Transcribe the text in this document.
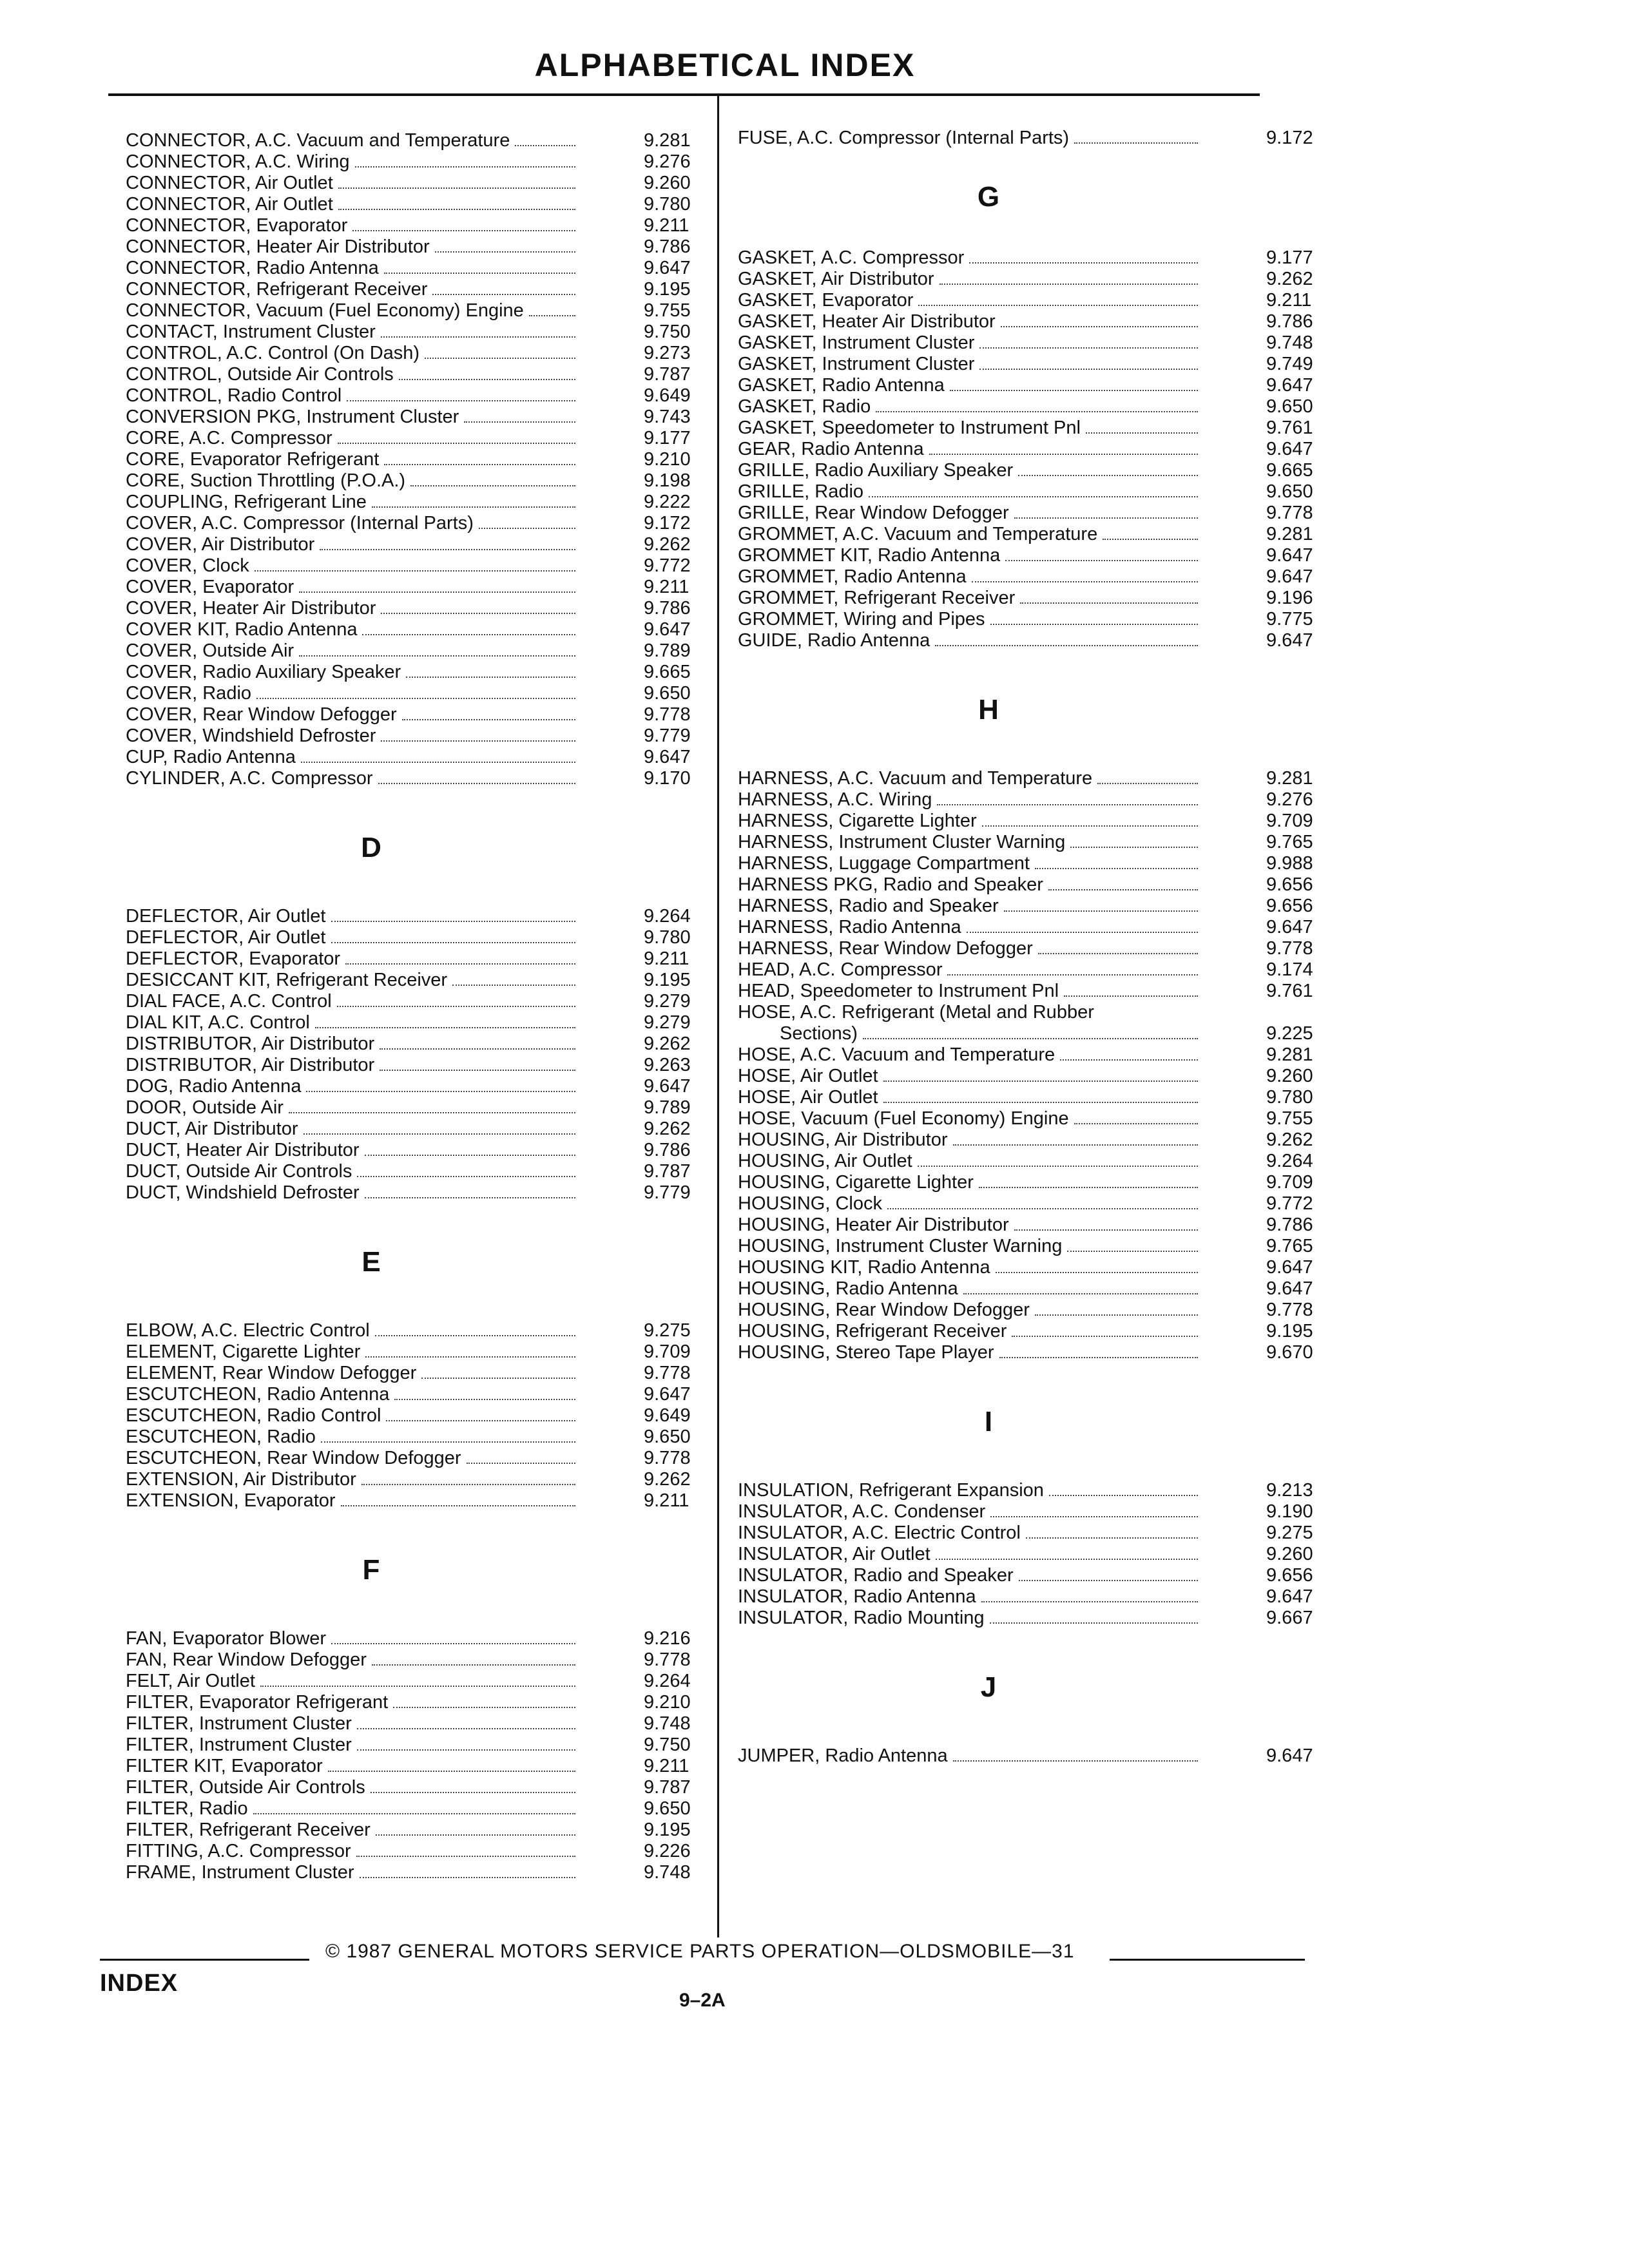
ALPHABETICAL INDEX
CONNECTOR, A.C. Vacuum and Temperature	9.281
CONNECTOR, A.C. Wiring	9.276
CONNECTOR, Air Outlet	9.260
CONNECTOR, Air Outlet	9.780
CONNECTOR, Evaporator	9.211
CONNECTOR, Heater Air Distributor	9.786
CONNECTOR, Radio Antenna	9.647
CONNECTOR, Refrigerant Receiver	9.195
CONNECTOR, Vacuum (Fuel Economy) Engine	9.755
CONTACT, Instrument Cluster	9.750
CONTROL, A.C. Control (On Dash)	9.273
CONTROL, Outside Air Controls	9.787
CONTROL, Radio Control	9.649
CONVERSION PKG, Instrument Cluster	9.743
CORE, A.C. Compressor	9.177
CORE, Evaporator Refrigerant	9.210
CORE, Suction Throttling (P.O.A.)	9.198
COUPLING, Refrigerant Line	9.222
COVER, A.C. Compressor (Internal Parts)	9.172
COVER, Air Distributor	9.262
COVER, Clock	9.772
COVER, Evaporator	9.211
COVER, Heater Air Distributor	9.786
COVER KIT, Radio Antenna	9.647
COVER, Outside Air	9.789
COVER, Radio Auxiliary Speaker	9.665
COVER, Radio	9.650
COVER, Rear Window Defogger	9.778
COVER, Windshield Defroster	9.779
CUP, Radio Antenna	9.647
CYLINDER, A.C. Compressor	9.170
D
DEFLECTOR, Air Outlet	9.264
DEFLECTOR, Air Outlet	9.780
DEFLECTOR, Evaporator	9.211
DESICCANT KIT, Refrigerant Receiver	9.195
DIAL FACE, A.C. Control	9.279
DIAL KIT, A.C. Control	9.279
DISTRIBUTOR, Air Distributor	9.262
DISTRIBUTOR, Air Distributor	9.263
DOG, Radio Antenna	9.647
DOOR, Outside Air	9.789
DUCT, Air Distributor	9.262
DUCT, Heater Air Distributor	9.786
DUCT, Outside Air Controls	9.787
DUCT, Windshield Defroster	9.779
E
ELBOW, A.C. Electric Control	9.275
ELEMENT, Cigarette Lighter	9.709
ELEMENT, Rear Window Defogger	9.778
ESCUTCHEON, Radio Antenna	9.647
ESCUTCHEON, Radio Control	9.649
ESCUTCHEON, Radio	9.650
ESCUTCHEON, Rear Window Defogger	9.778
EXTENSION, Air Distributor	9.262
EXTENSION, Evaporator	9.211
F
FAN, Evaporator Blower	9.216
FAN, Rear Window Defogger	9.778
FELT, Air Outlet	9.264
FILTER, Evaporator Refrigerant	9.210
FILTER, Instrument Cluster	9.748
FILTER, Instrument Cluster	9.750
FILTER KIT, Evaporator	9.211
FILTER, Outside Air Controls	9.787
FILTER, Radio	9.650
FILTER, Refrigerant Receiver	9.195
FITTING, A.C. Compressor	9.226
FRAME, Instrument Cluster	9.748
FUSE, A.C. Compressor (Internal Parts)	9.172
G
GASKET, A.C. Compressor	9.177
GASKET, Air Distributor	9.262
GASKET, Evaporator	9.211
GASKET, Heater Air Distributor	9.786
GASKET, Instrument Cluster	9.748
GASKET, Instrument Cluster	9.749
GASKET, Radio Antenna	9.647
GASKET, Radio	9.650
GASKET, Speedometer to Instrument Pnl	9.761
GEAR, Radio Antenna	9.647
GRILLE, Radio Auxiliary Speaker	9.665
GRILLE, Radio	9.650
GRILLE, Rear Window Defogger	9.778
GROMMET, A.C. Vacuum and Temperature	9.281
GROMMET KIT, Radio Antenna	9.647
GROMMET, Radio Antenna	9.647
GROMMET, Refrigerant Receiver	9.196
GROMMET, Wiring and Pipes	9.775
GUIDE, Radio Antenna	9.647
H
HARNESS, A.C. Vacuum and Temperature	9.281
HARNESS, A.C. Wiring	9.276
HARNESS, Cigarette Lighter	9.709
HARNESS, Instrument Cluster Warning	9.765
HARNESS, Luggage Compartment	9.988
HARNESS PKG, Radio and Speaker	9.656
HARNESS, Radio and Speaker	9.656
HARNESS, Radio Antenna	9.647
HARNESS, Rear Window Defogger	9.778
HEAD, A.C. Compressor	9.174
HEAD, Speedometer to Instrument Pnl	9.761
HOSE, A.C. Refrigerant (Metal and Rubber
Sections)	9.225
HOSE, A.C. Vacuum and Temperature	9.281
HOSE, Air Outlet	9.260
HOSE, Air Outlet	9.780
HOSE, Vacuum (Fuel Economy) Engine	9.755
HOUSING, Air Distributor	9.262
HOUSING, Air Outlet	9.264
HOUSING, Cigarette Lighter	9.709
HOUSING, Clock	9.772
HOUSING, Heater Air Distributor	9.786
HOUSING, Instrument Cluster Warning	9.765
HOUSING KIT, Radio Antenna	9.647
HOUSING, Radio Antenna	9.647
HOUSING, Rear Window Defogger	9.778
HOUSING, Refrigerant Receiver	9.195
HOUSING, Stereo Tape Player	9.670
I
INSULATION, Refrigerant Expansion	9.213
INSULATOR, A.C. Condenser	9.190
INSULATOR, A.C. Electric Control	9.275
INSULATOR, Air Outlet	9.260
INSULATOR, Radio and Speaker	9.656
INSULATOR, Radio Antenna	9.647
INSULATOR, Radio Mounting	9.667
J
JUMPER, Radio Antenna	9.647
© 1987 GENERAL MOTORS SERVICE PARTS OPERATION—OLDSMOBILE—31
INDEX
9–2A
